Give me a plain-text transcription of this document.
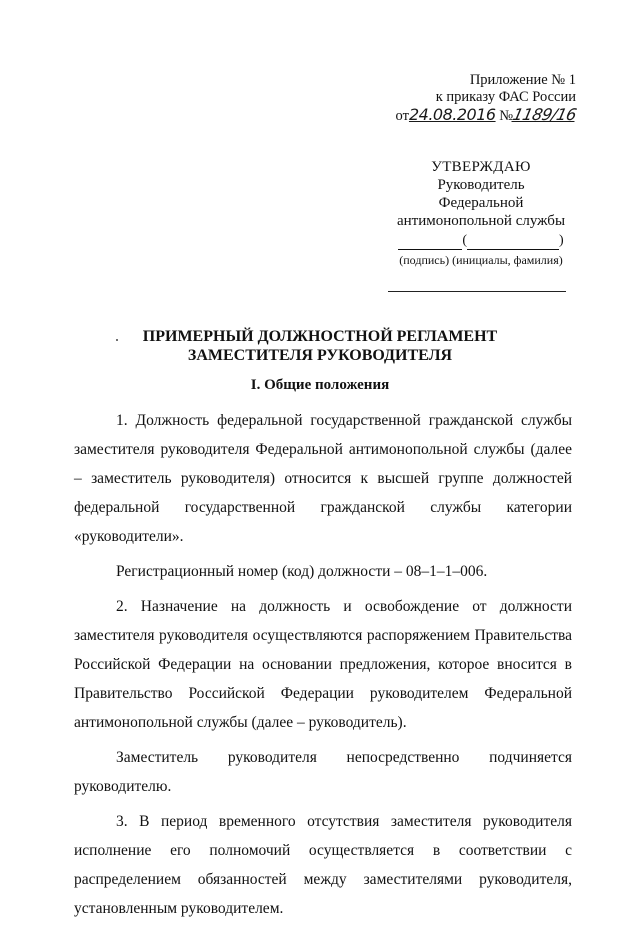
Приложение № 1
к приказу ФАС России
от24.08.2016 №1189/16
УТВЕРЖДАЮ
Руководитель
Федеральной
антимонопольной службы
(	)
(подпись) (инициалы, фамилия)
ПРИМЕРНЫЙ ДОЛЖНОСТНОЙ РЕГЛАМЕНТ
ЗАМЕСТИТЕЛЯ РУКОВОДИТЕЛЯ
I. Общие положения

1. Должность федеральной государственной гражданской службы заместителя руководителя Федеральной антимонопольной службы (далее – заместитель руководителя) относится к высшей группе должностей федеральной государственной гражданской службы категории «руководители».

Регистрационный номер (код) должности – 08–1–1–006.

2. Назначение на должность и освобождение от должности заместителя руководителя осуществляются распоряжением Правительства Российской Федерации на основании предложения, которое вносится в Правительство Российской Федерации руководителем Федеральной антимонопольной службы (далее – руководитель).

Заместитель руководителя непосредственно подчиняется руководителю.

3. В период временного отсутствия заместителя руководителя исполнение его полномочий осуществляется в соответствии с распределением обязанностей между заместителями руководителя, установленным руководителем.
